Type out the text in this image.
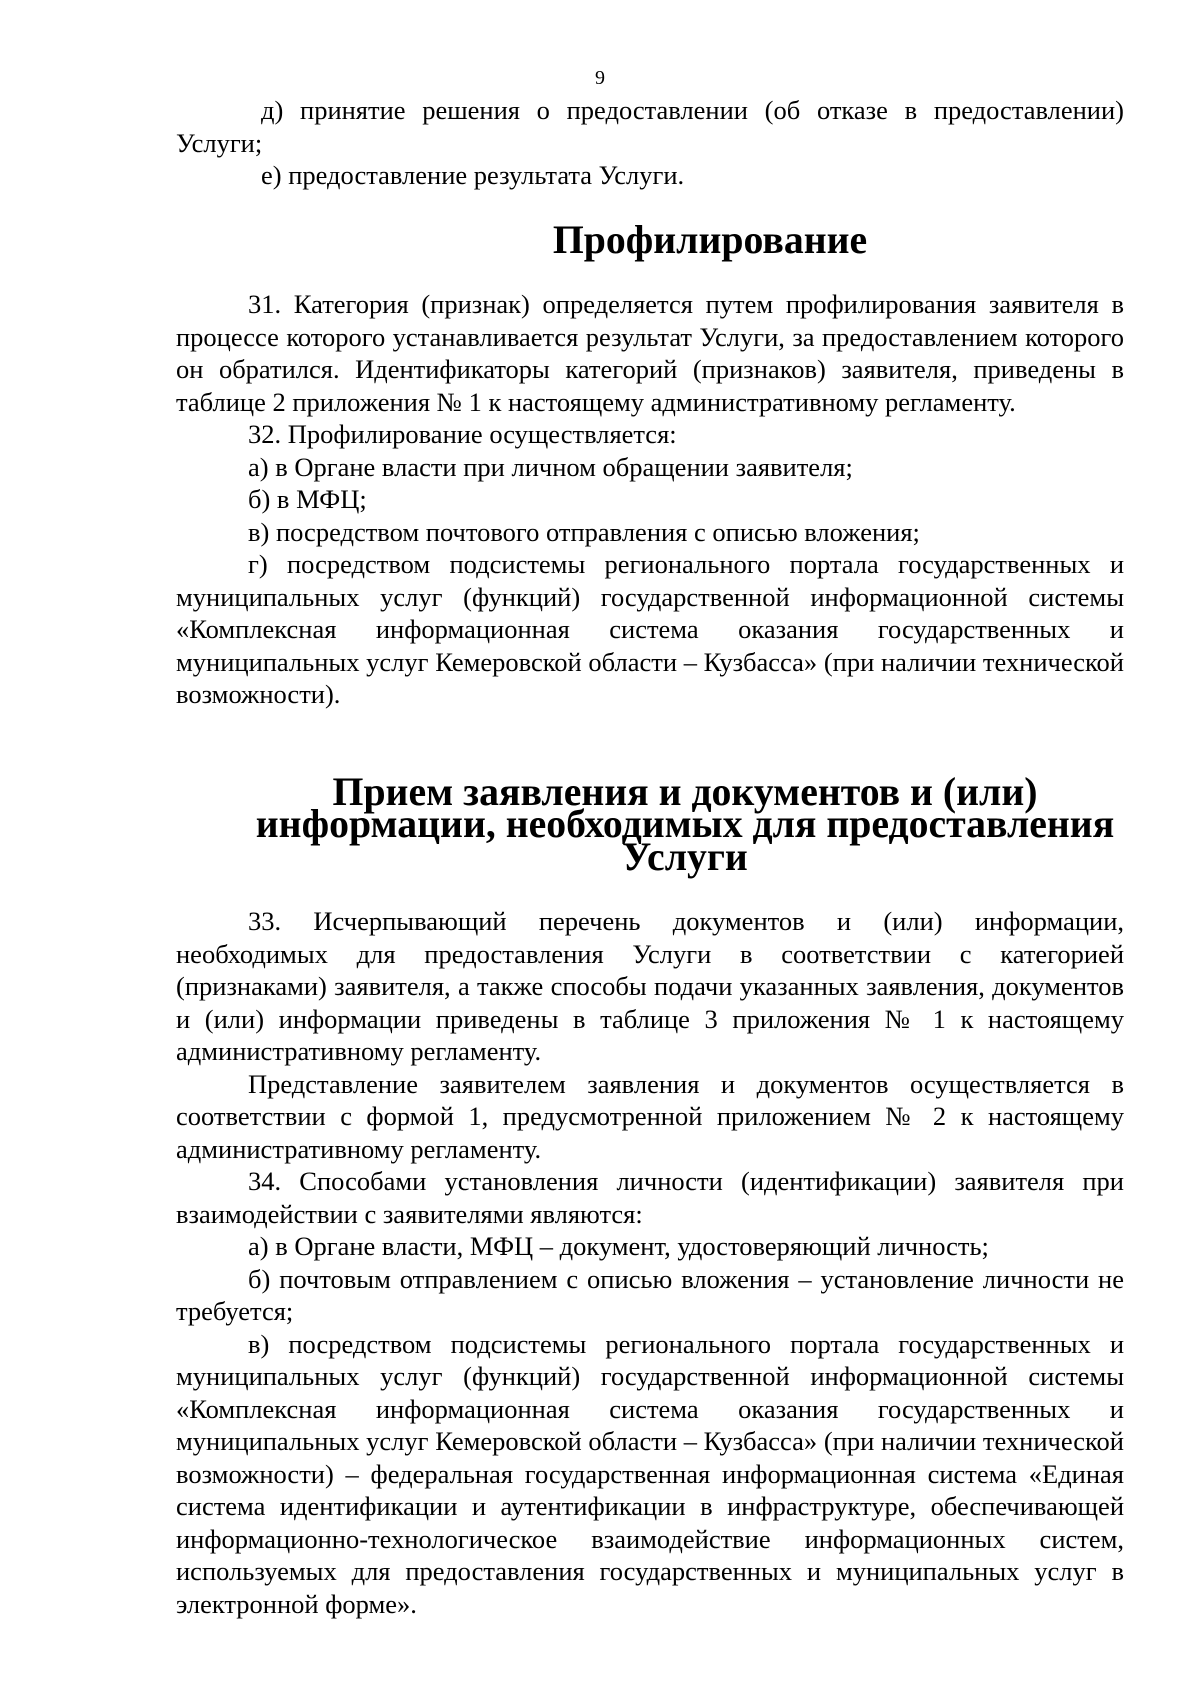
9

д) принятие решения о предоставлении (об отказе в предоставлении) Услуги;

е) предоставление результата Услуги.

Профилирование

31. Категория (признак) определяется путем профилирования заявителя в процессе которого устанавливается результат Услуги, за предоставлением которого он обратился. Идентификаторы категорий (признаков) заявителя, приведены в таблице 2 приложения № 1 к настоящему административному регламенту.

32. Профилирование осуществляется:

а) в Органе власти при личном обращении заявителя;

б) в МФЦ;

в) посредством почтового отправления с описью вложения;

г) посредством подсистемы регионального портала государственных и муниципальных услуг (функций) государственной информационной системы «Комплексная информационная система оказания государственных и муниципальных услуг Кемеровской области – Кузбасса» (при наличии технической возможности).

Прием заявления и документов и (или) информации, необходимых для предоставления Услуги

33. Исчерпывающий перечень документов и (или) информации, необходимых для предоставления Услуги в соответствии с категорией (признаками) заявителя, а также способы подачи указанных заявления, документов и (или) информации приведены в таблице 3 приложения № 1 к настоящему административному регламенту.

Представление заявителем заявления и документов осуществляется в соответствии с формой 1, предусмотренной приложением № 2 к настоящему административному регламенту.

34. Способами установления личности (идентификации) заявителя при взаимодействии с заявителями являются:

а) в Органе власти, МФЦ – документ, удостоверяющий личность;

б) почтовым отправлением с описью вложения – установление личности не требуется;

в) посредством подсистемы регионального портала государственных и муниципальных услуг (функций) государственной информационной системы «Комплексная информационная система оказания государственных и муниципальных услуг Кемеровской области – Кузбасса» (при наличии технической возможности) – федеральная государственная информационная система «Единая система идентификации и аутентификации в инфраструктуре, обеспечивающей информационно-технологическое взаимодействие информационных систем, используемых для предоставления государственных и муниципальных услуг в электронной форме».
